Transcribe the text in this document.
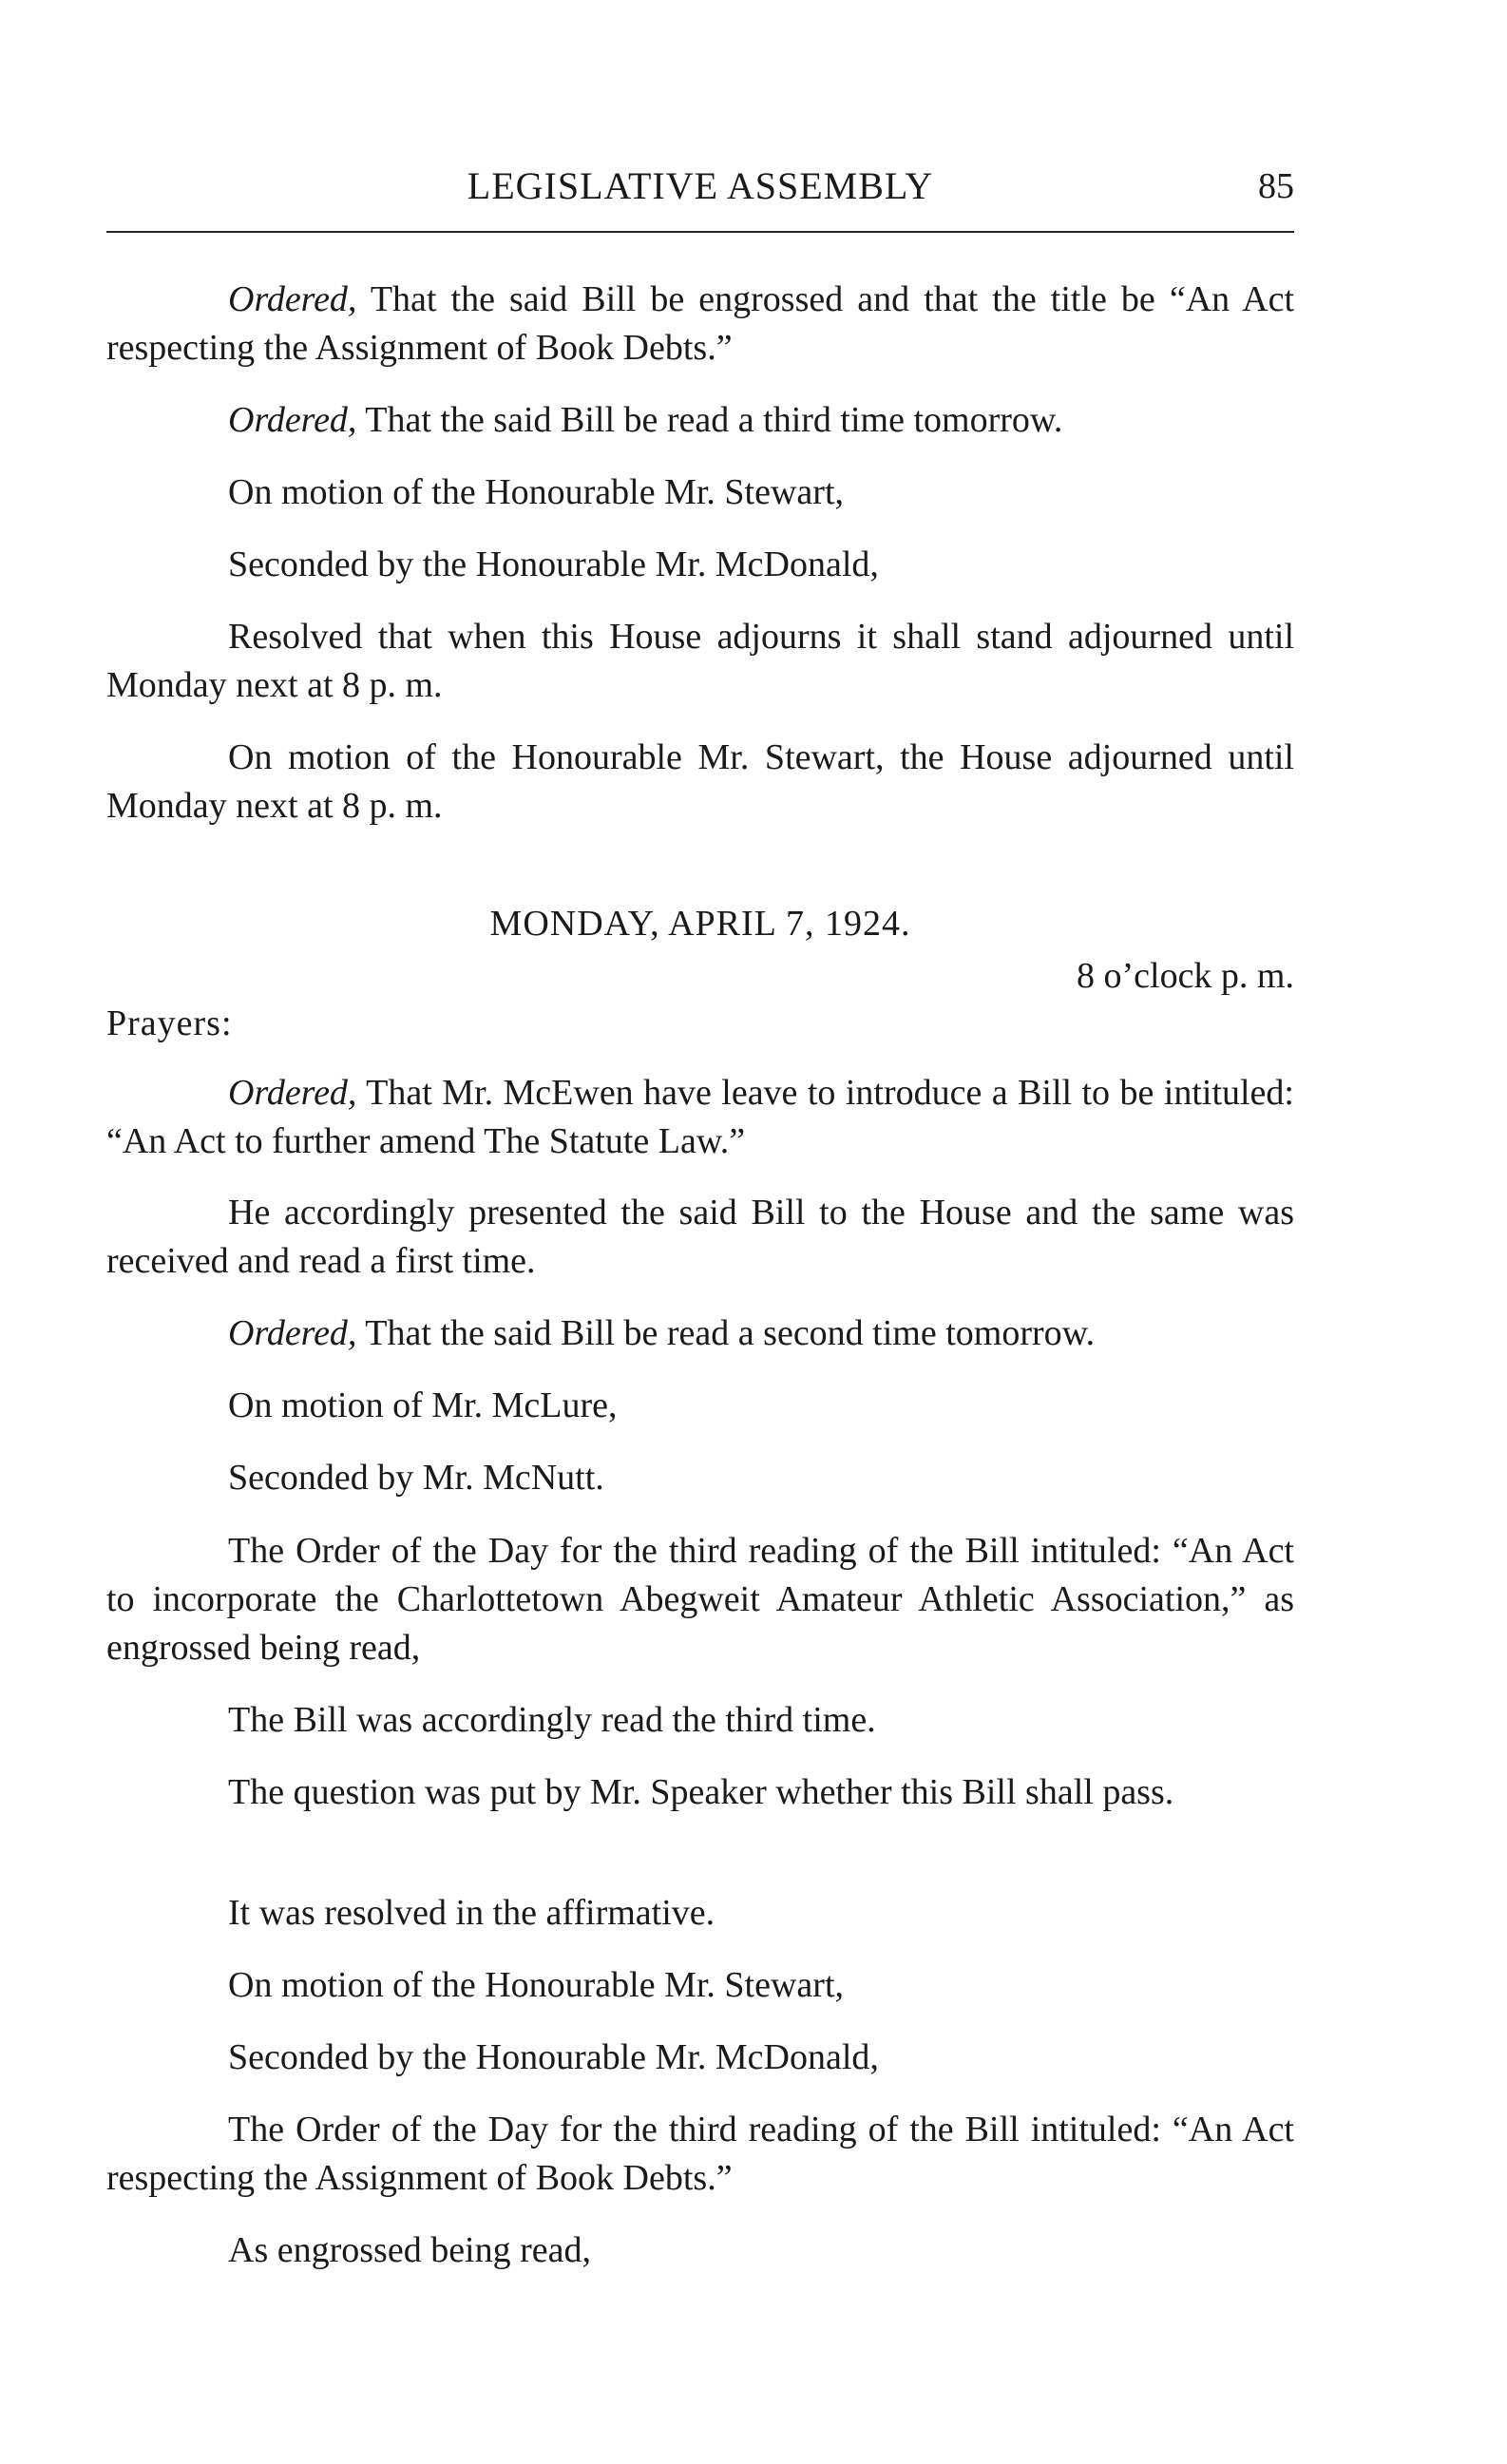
LEGISLATIVE ASSEMBLY	85

Ordered, That the said Bill be engrossed and that the title be “An Act respecting the Assignment of Book Debts.”

Ordered, That the said Bill be read a third time tomorrow.

On motion of the Honourable Mr. Stewart,

Seconded by the Honourable Mr. McDonald,

Resolved that when this House adjourns it shall stand adjourned until Monday next at 8 p. m.

On motion of the Honourable Mr. Stewart, the House adjourned until Monday next at 8 p. m.

MONDAY, APRIL 7, 1924.
8 o’clock p. m.
Prayers:

Ordered, That Mr. McEwen have leave to introduce a Bill to be intituled: “An Act to further amend The Statute Law.”

He accordingly presented the said Bill to the House and the same was received and read a first time.

Ordered, That the said Bill be read a second time tomorrow.

On motion of Mr. McLure,

Seconded by Mr. McNutt.

The Order of the Day for the third reading of the Bill intituled: “An Act to incorporate the Charlottetown Abegweit Amateur Athletic Association,” as engrossed being read,

The Bill was accordingly read the third time.

The question was put by Mr. Speaker whether this Bill shall pass.

It was resolved in the affirmative.

On motion of the Honourable Mr. Stewart,

Seconded by the Honourable Mr. McDonald,

The Order of the Day for the third reading of the Bill intituled: “An Act respecting the Assignment of Book Debts.”

As engrossed being read,
